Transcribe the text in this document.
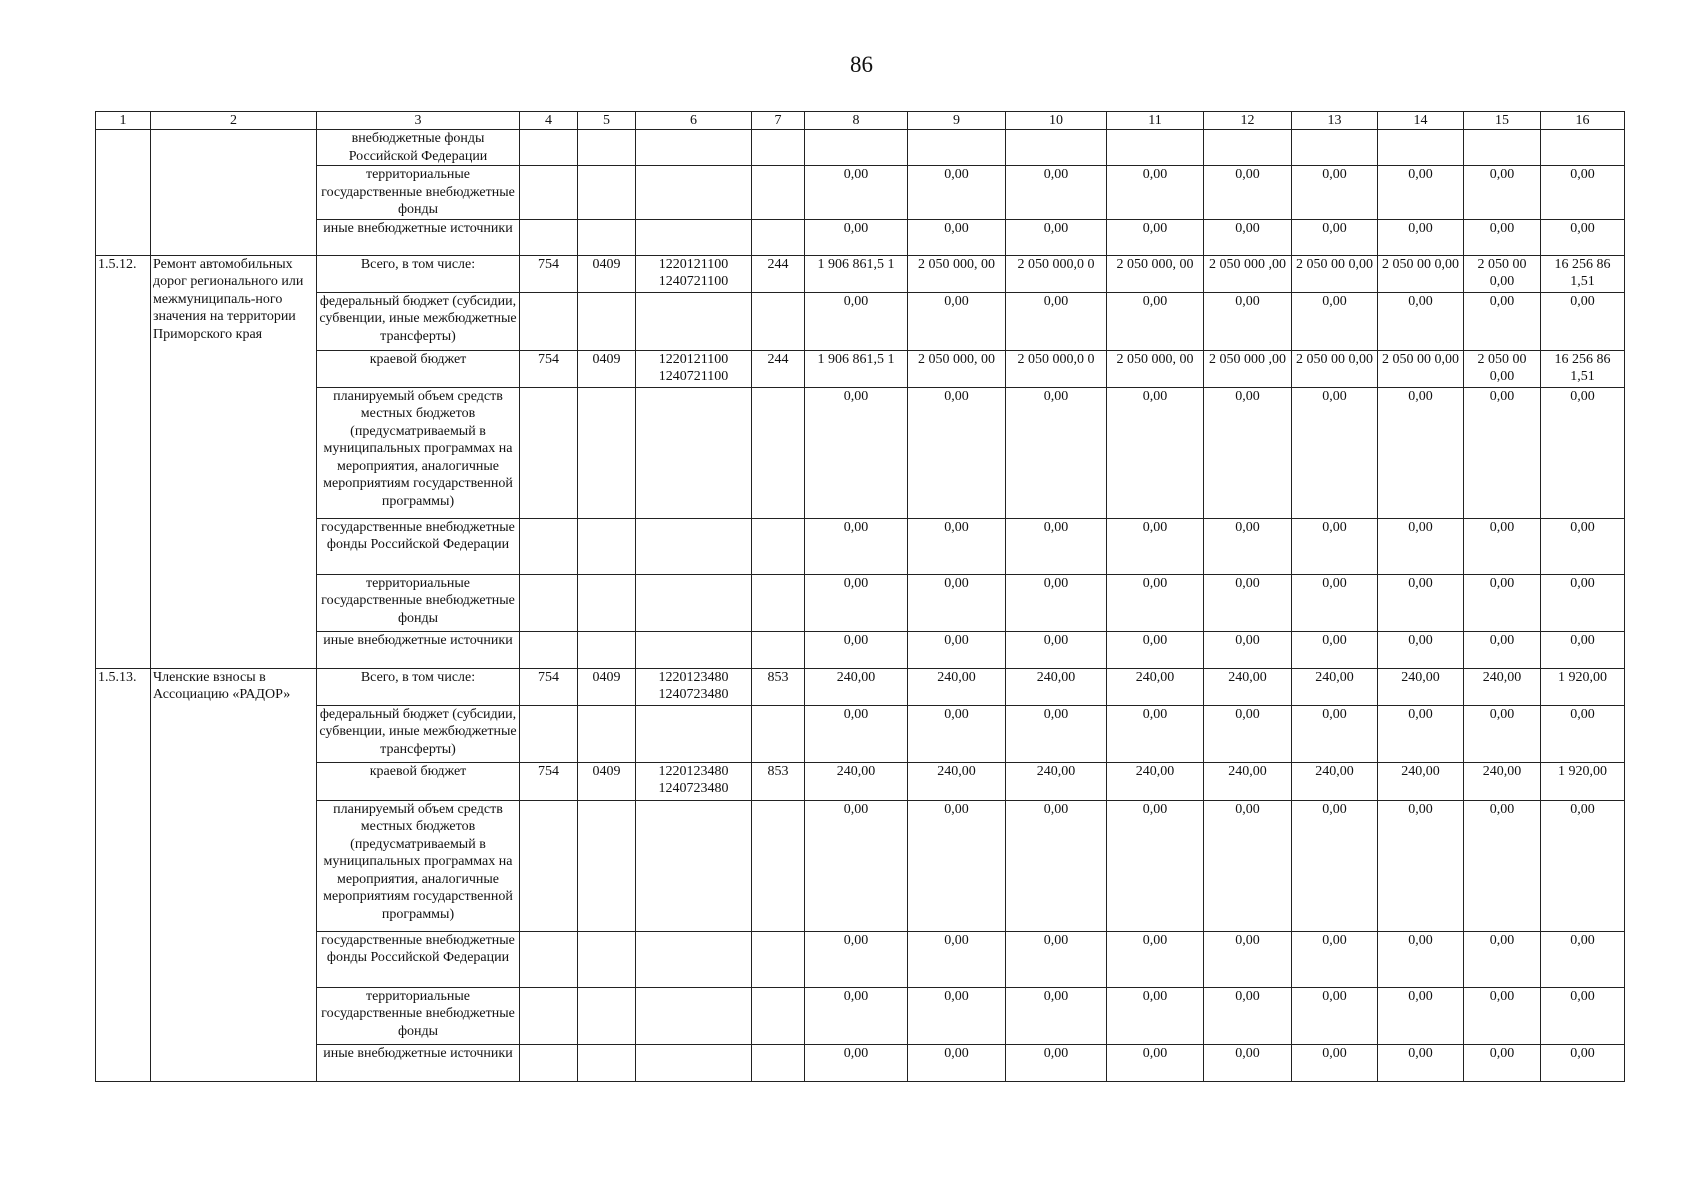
86
1	2	3	4	5	6	7	8	9	10	11	12	13	14	15	16
		внебюджетные фонды Российской Федерации													
		территориальные государственные внебюджетные фонды					0,00	0,00	0,00	0,00	0,00	0,00	0,00	0,00	0,00
		иные внебюджетные источники					0,00	0,00	0,00	0,00	0,00	0,00	0,00	0,00	0,00
1.5.12.	Ремонт автомобильных дорог регионального или межмуниципаль-ного значения на территории Приморского края	Всего, в том числе:	754	0409	1220121100 1240721100	244	1 906 861,5 1	2 050 000, 00	2 050 000,0 0	2 050 000, 00	2 050 000 ,00	2 050 00 0,00	2 050 00 0,00	2 050 00 0,00	16 256 86 1,51
		федеральный бюджет (субсидии, субвенции, иные межбюджетные трансферты)					0,00	0,00	0,00	0,00	0,00	0,00	0,00	0,00	0,00
		краевой бюджет	754	0409	1220121100 1240721100	244	1 906 861,5 1	2 050 000, 00	2 050 000,0 0	2 050 000, 00	2 050 000 ,00	2 050 00 0,00	2 050 00 0,00	2 050 00 0,00	16 256 86 1,51
		планируемый объем средств местных бюджетов (предусматриваемый в муниципальных программах на мероприятия, аналогичные мероприятиям государственной программы)					0,00	0,00	0,00	0,00	0,00	0,00	0,00	0,00	0,00
		государственные внебюджетные фонды Российской Федерации					0,00	0,00	0,00	0,00	0,00	0,00	0,00	0,00	0,00
		территориальные государственные внебюджетные фонды					0,00	0,00	0,00	0,00	0,00	0,00	0,00	0,00	0,00
		иные внебюджетные источники					0,00	0,00	0,00	0,00	0,00	0,00	0,00	0,00	0,00
1.5.13.	Членские взносы в Ассоциацию «РАДОР»	Всего, в том числе:	754	0409	1220123480 1240723480	853	240,00	240,00	240,00	240,00	240,00	240,00	240,00	240,00	1 920,00
		федеральный бюджет (субсидии, субвенции, иные межбюджетные трансферты)					0,00	0,00	0,00	0,00	0,00	0,00	0,00	0,00	0,00
		краевой бюджет	754	0409	1220123480 1240723480	853	240,00	240,00	240,00	240,00	240,00	240,00	240,00	240,00	1 920,00
		планируемый объем средств местных бюджетов (предусматриваемый в муниципальных программах на мероприятия, аналогичные мероприятиям государственной программы)					0,00	0,00	0,00	0,00	0,00	0,00	0,00	0,00	0,00
		государственные внебюджетные фонды Российской Федерации					0,00	0,00	0,00	0,00	0,00	0,00	0,00	0,00	0,00
		территориальные государственные внебюджетные фонды					0,00	0,00	0,00	0,00	0,00	0,00	0,00	0,00	0,00
		иные внебюджетные источники					0,00	0,00	0,00	0,00	0,00	0,00	0,00	0,00	0,00
